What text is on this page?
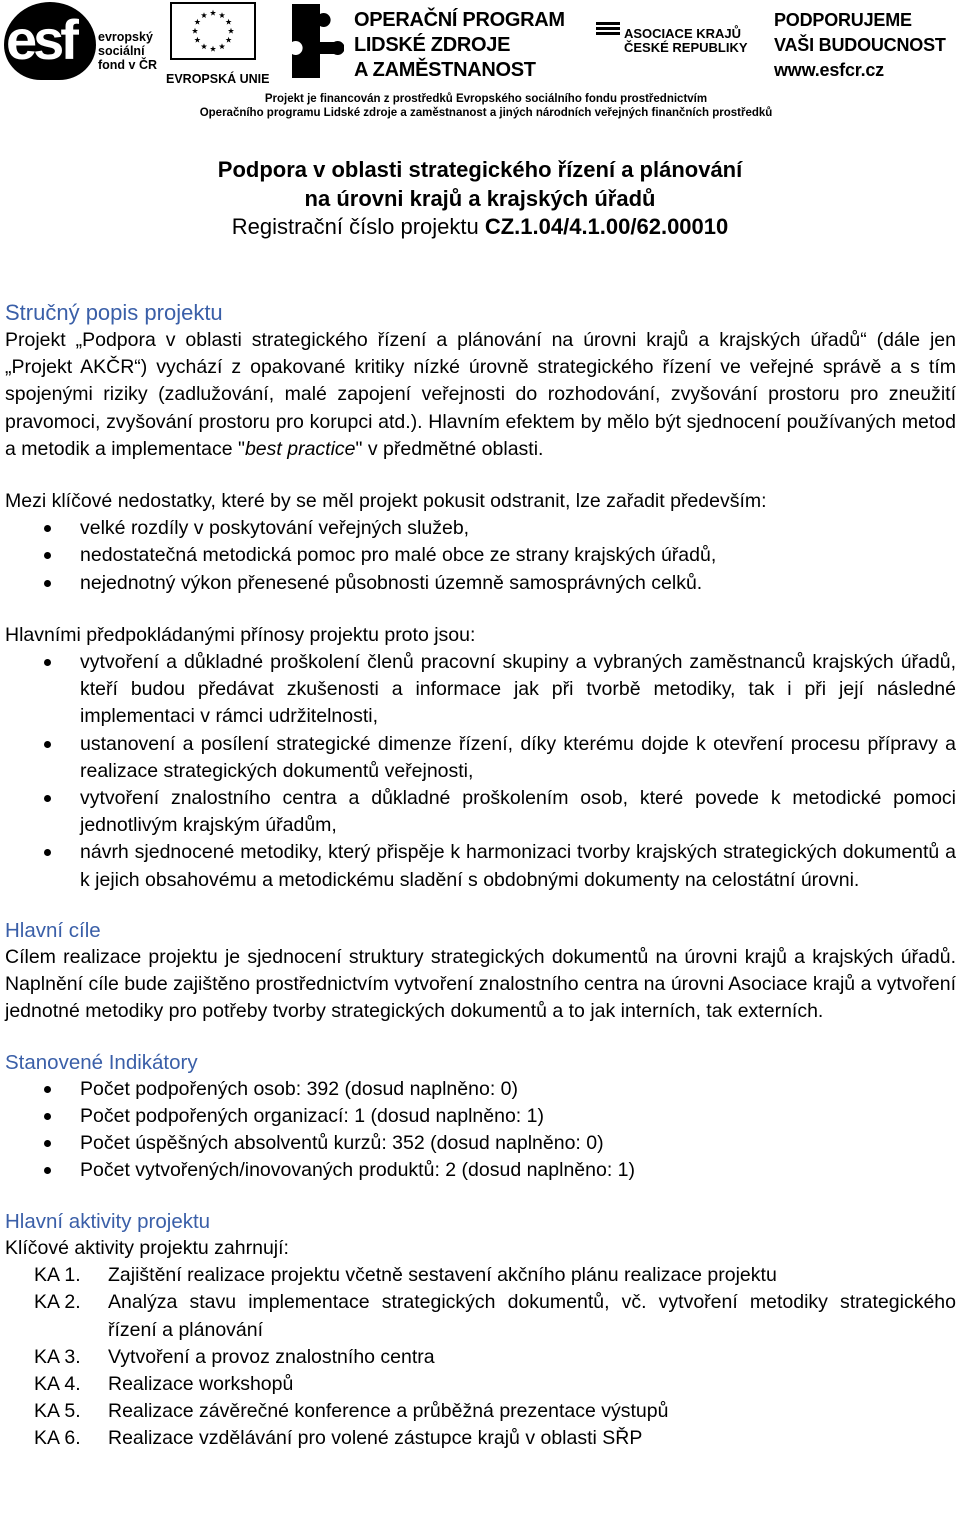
esf evropský
sociální
fond v ČR
EVROPSKÁ UNIE
OPERAČNÍ PROGRAM
LIDSKÉ ZDROJE
A ZAMĚSTNANOST
ASOCIACE KRAJŮ
ČESKÉ REPUBLIKY
PODPORUJEME
VAŠI BUDOUCNOST
www.esfcr.cz
Projekt je financován z prostředků Evropského sociálního fondu prostřednictvím
Operačního programu Lidské zdroje a zaměstnanost a jiných národních veřejných finančních prostředků
Podpora v oblasti strategického řízení a plánování
na úrovni krajů a krajských úřadů
Registrační číslo projektu CZ.1.04/4.1.00/62.00010
Stručný popis projektu

Projekt „Podpora v oblasti strategického řízení a plánování na úrovni krajů a krajských úřadů“ (dále jen „Projekt AKČR“) vychází z opakované kritiky nízké úrovně strategického řízení ve veřejné správě a s tím spojenými riziky (zadlužování, malé zapojení veřejnosti do rozhodování, zvyšování prostoru pro zneužití pravomoci, zvyšování prostoru pro korupci atd.). Hlavním efektem by mělo být sjednocení používaných metod a metodik a implementace "best practice" v předmětné oblasti.

Mezi klíčové nedostatky, které by se měl projekt pokusit odstranit, lze zařadit především:

velké rozdíly v poskytování veřejných služeb,
nedostatečná metodická pomoc pro malé obce ze strany krajských úřadů,
nejednotný výkon přenesené působnosti územně samosprávných celků.

Hlavními předpokládanými přínosy projektu proto jsou:

vytvoření a důkladné proškolení členů pracovní skupiny a vybraných zaměstnanců krajských úřadů, kteří budou předávat zkušenosti a informace jak při tvorbě metodiky, tak i při její následné implementaci v rámci udržitelnosti,
ustanovení a posílení strategické dimenze řízení, díky kterému dojde k otevření procesu přípravy a realizace strategických dokumentů veřejnosti,
vytvoření znalostního centra a důkladné proškolením osob, které povede k metodické pomoci jednotlivým krajským úřadům,
návrh sjednocené metodiky, který přispěje k harmonizaci tvorby krajských strategických dokumentů a k jejich obsahovému a metodickému sladění s obdobnými dokumenty na celostátní úrovni.
Hlavní cíle

Cílem realizace projektu je sjednocení struktury strategických dokumentů na úrovni krajů a krajských úřadů. Naplnění cíle bude zajištěno prostřednictvím vytvoření znalostního centra na úrovni Asociace krajů a vytvoření jednotné metodiky pro potřeby tvorby strategických dokumentů a to jak interních, tak externích.

Stanovené Indikátory
Počet podpořených osob: 392 (dosud naplněno: 0)
Počet podpořených organizací: 1 (dosud naplněno: 1)
Počet úspěšných absolventů kurzů: 352 (dosud naplněno: 0)
Počet vytvořených/inovovaných produktů: 2 (dosud naplněno: 1)
Hlavní aktivity projektu

Klíčové aktivity projektu zahrnují:

KA 1.	Zajištění realizace projektu včetně sestavení akčního plánu realizace projektu
KA 2.	Analýza stavu implementace strategických dokumentů, vč. vytvoření metodiky strategického řízení a plánování
KA 3.	Vytvoření a provoz znalostního centra
KA 4.	Realizace workshopů
KA 5.	Realizace závěrečné konference a průběžná prezentace výstupů
KA 6.	Realizace vzdělávání pro volené zástupce krajů v oblasti SŘP
